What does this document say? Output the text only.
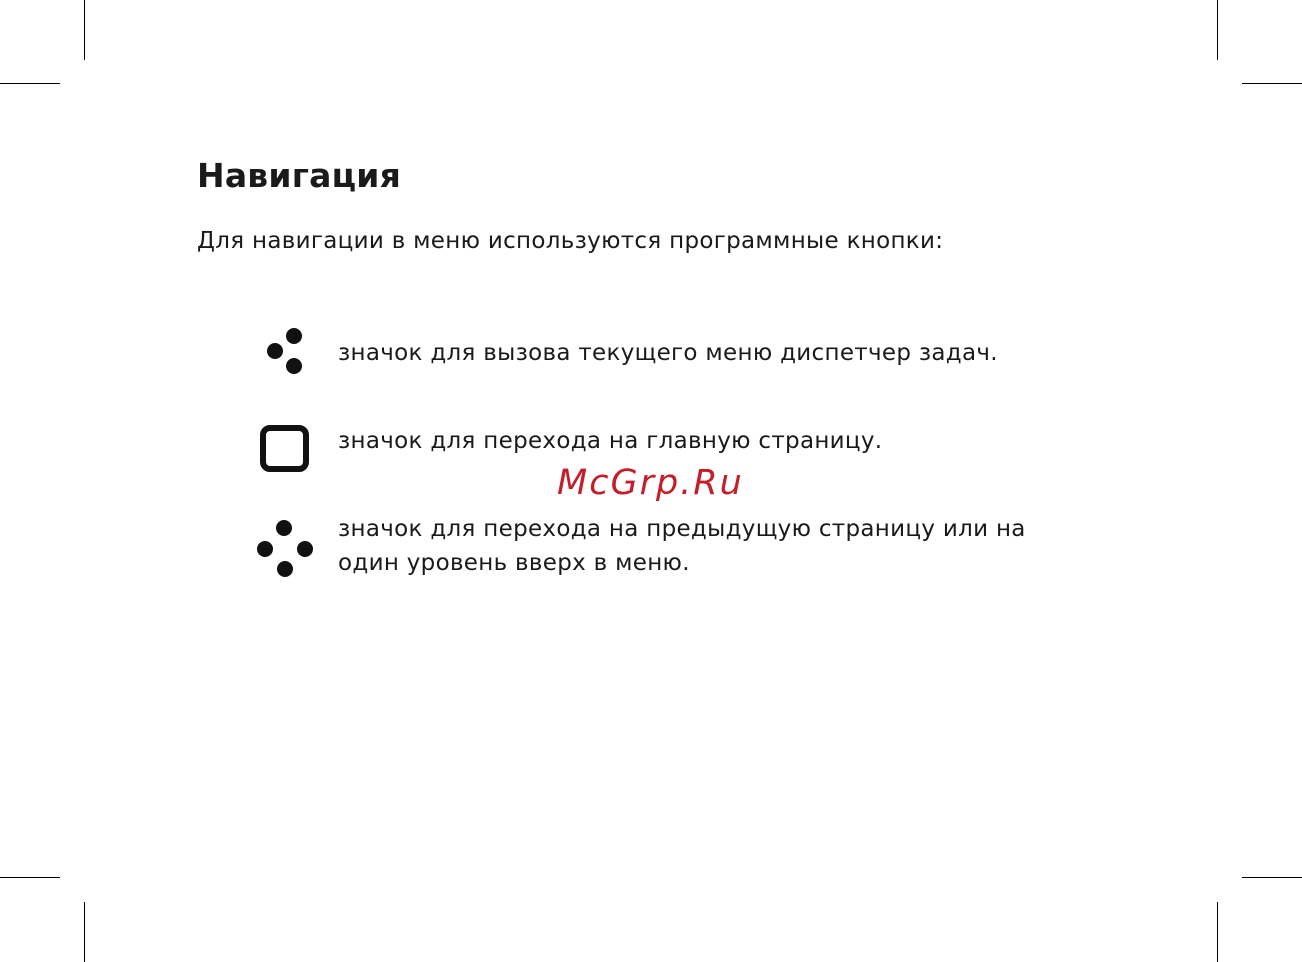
Навигация

Для навигации в меню используются программные кнопки:

значок для вызова текущего меню диспетчер задач.
значок для перехода на главную страницу.
значок для перехода на предыдущую страницу или на один уровень вверх в меню.
McGrp.Ru
